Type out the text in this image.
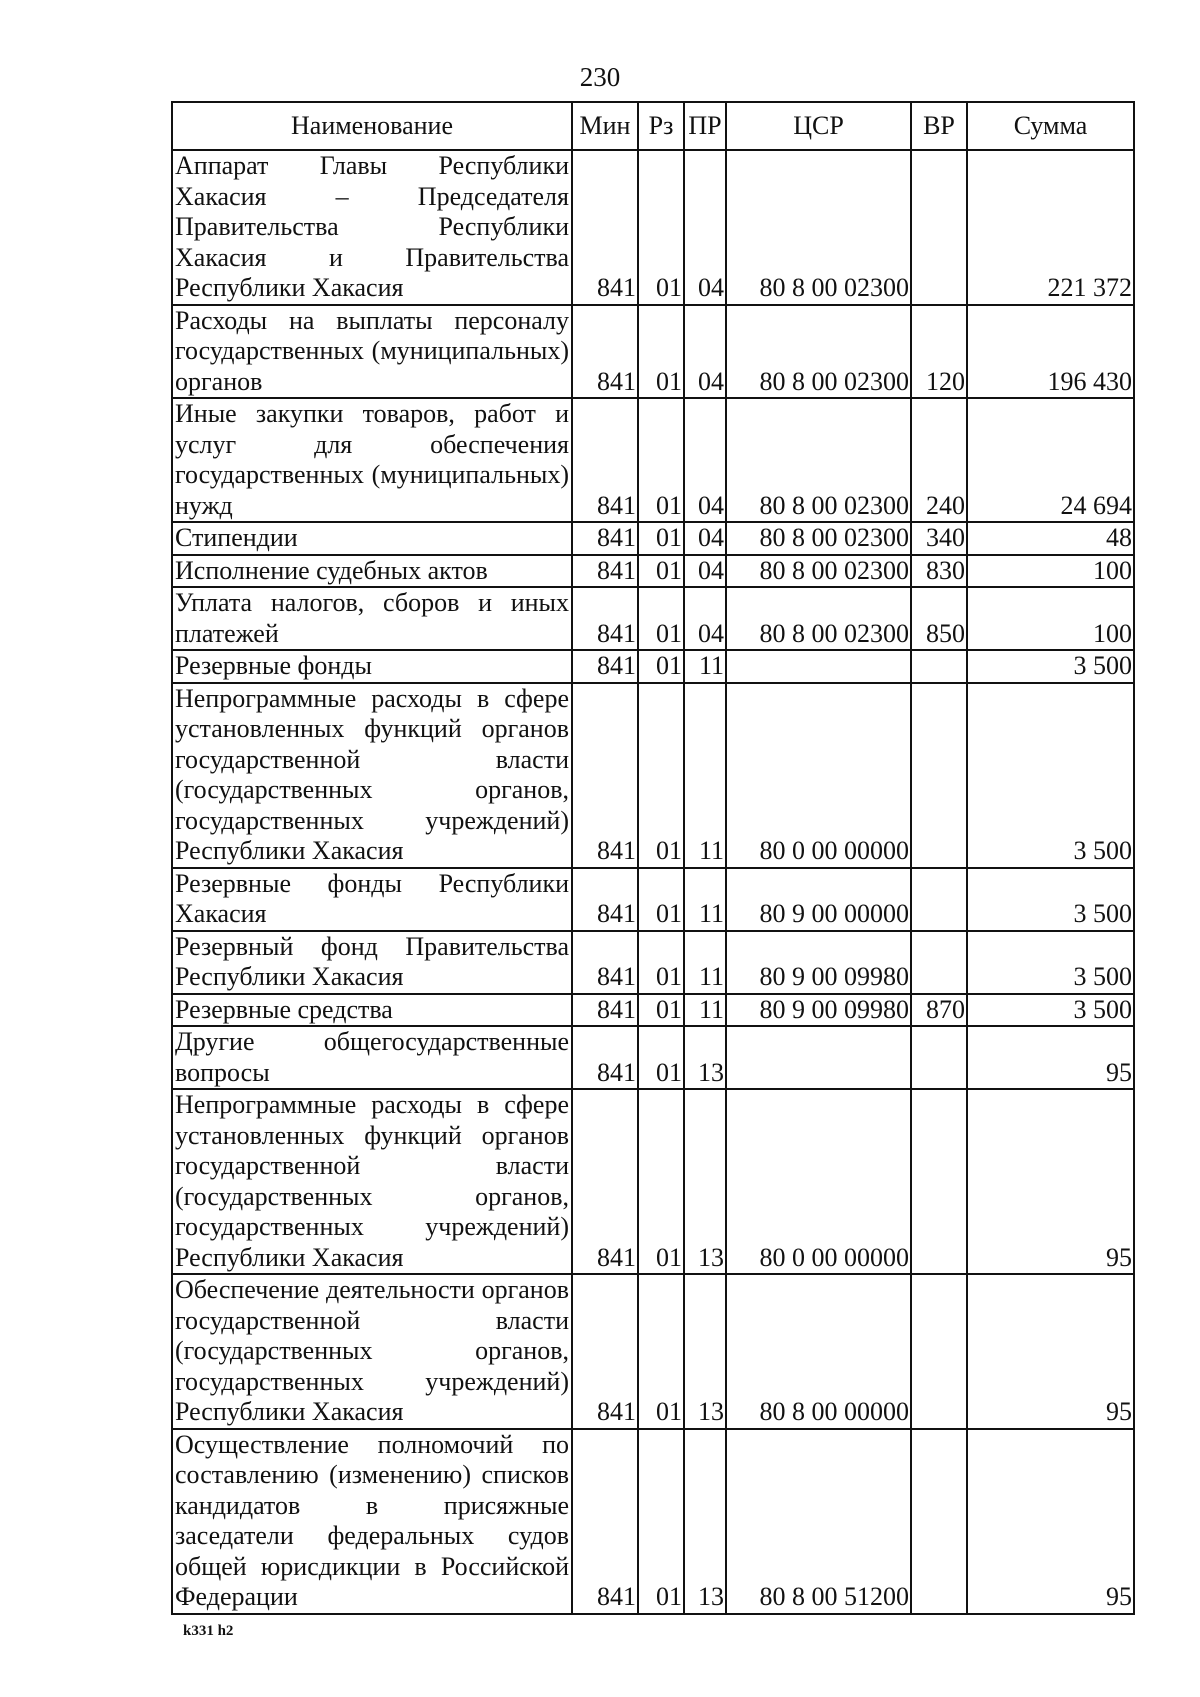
230
Наименование	Мин	Рз	ПР	ЦСР	ВР	Сумма
Аппарат Главы Республики Хакасия – Председателя Правительства Республики Хакасия и Правительства Республики Хакасия	841	01	04	80 8 00 02300		221 372
Расходы на выплаты персоналу государственных (муниципальных) органов	841	01	04	80 8 00 02300	120	196 430
Иные закупки товаров, работ и услуг для обеспечения государственных (муниципальных) нужд	841	01	04	80 8 00 02300	240	24 694
Стипендии	841	01	04	80 8 00 02300	340	48
Исполнение судебных актов	841	01	04	80 8 00 02300	830	100
Уплата налогов, сборов и иных платежей	841	01	04	80 8 00 02300	850	100
Резервные фонды	841	01	11			3 500
Непрограммные расходы в сфере установленных функций органов государственной власти (государственных органов, государственных учреждений) Республики Хакасия	841	01	11	80 0 00 00000		3 500
Резервные фонды Республики Хакасия	841	01	11	80 9 00 00000		3 500
Резервный фонд Правительства Республики Хакасия	841	01	11	80 9 00 09980		3 500
Резервные средства	841	01	11	80 9 00 09980	870	3 500
Другие общегосударственные вопросы	841	01	13			95
Непрограммные расходы в сфере установленных функций органов государственной власти (государственных органов, государственных учреждений) Республики Хакасия	841	01	13	80 0 00 00000		95
Обеспечение деятельности органов государственной власти (государственных органов, государственных учреждений) Республики Хакасия	841	01	13	80 8 00 00000		95
Осуществление полномочий по составлению (изменению) списков кандидатов в присяжные заседатели федеральных судов общей юрисдикции в Российской Федерации	841	01	13	80 8 00 51200		95
k331 h2
